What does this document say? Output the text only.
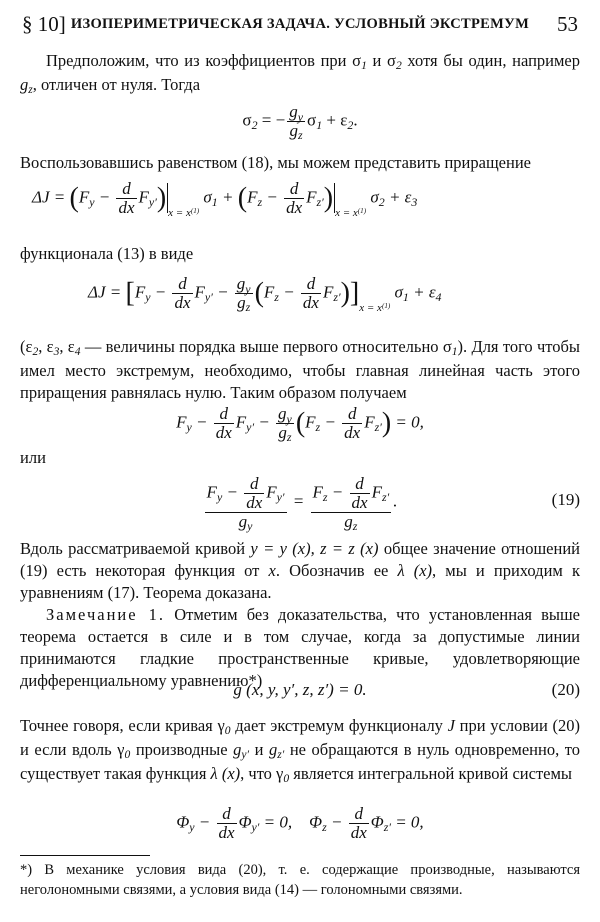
§ 10] ИЗОПЕРИМЕТРИЧЕСКАЯ ЗАДАЧА. УСЛОВНЫЙ ЭКСТРЕМУМ	53

Предположим, что из коэффициентов при $\sigma_1$ и $\sigma_2$ хотя бы один, например $g_z$, отличен от нуля. Тогда

$\sigma_2$ = − $\frac{g_y}{g_z} \sigma_1 + \varepsilon_2$.

Воспользовавшись равенством (18), мы можем представить приращение

$\Delta J = (F_y - \frac{d}{dx} F_{y'})$ $_{x = x^{(1)}}$ $\sigma_1 + (F_z - \frac{d}{dx} F_{z'})$ $_{x = x^{(1)}}$ $\sigma_2 + \varepsilon_3$

функционала (13) в виде

$\Delta J = [F_y - \frac{d}{dx} F_{y'} - \frac{g_y}{g_z} (F_z - \frac{d}{dx} F_{z'})]_{x = x^{(1)}}$ $\sigma_1 + \varepsilon_4$

($\varepsilon_2$, $\varepsilon_3$, $\varepsilon_4$ — величины порядка выше первого относительно $\sigma_1$). Для того чтобы имел место экстремум, необходимо, чтобы главная линейная часть этого приращения равнялась нулю. Таким образом получаем

$F_y - \frac{d}{dx} F_{y'} - \frac{g_y}{g_z} (F_z - \frac{d}{dx} F_{z'}) = 0$,

или

$\frac{F_y - \frac{d}{dx} F_{y'}}{g_y} = \frac{F_z - \frac{d}{dx} F_{z'}}{g_z}$ .	(19)

Вдоль рассматриваемой кривой y = y (x), z = z (x) общее значение отношений (19) есть некоторая функция от x. Обозначив ее λ (x), мы и приходим к уравнениям (17). Теорема доказана.

Замечание 1. Отметим без доказательства, что установленная выше теорема остается в силе и в том случае, когда за допустимые линии принимаются гладкие пространственные кривые, удовлетворяющие дифференциальному уравнению*)

g (x, y, y′, z, z′) = 0.	(20)

Точнее говоря, если кривая $\gamma_0$ дает экстремум функционалу J при условии (20) и если вдоль $\gamma_0$ производные $g_{y'}$ и $g_{z'}$ не обращаются в нуль одновременно, то существует такая функция λ (x), что $\gamma_0$ является интегральной кривой системы

$\Phi_y - \frac{d}{dx} \Phi_{y'} = 0$,    $\Phi_z - \frac{d}{dx} \Phi_{z'} = 0$,

*) В механике условия вида (20), т. е. содержащие производные, называются неголономными связями, а условия вида (14) — голономными связями.
